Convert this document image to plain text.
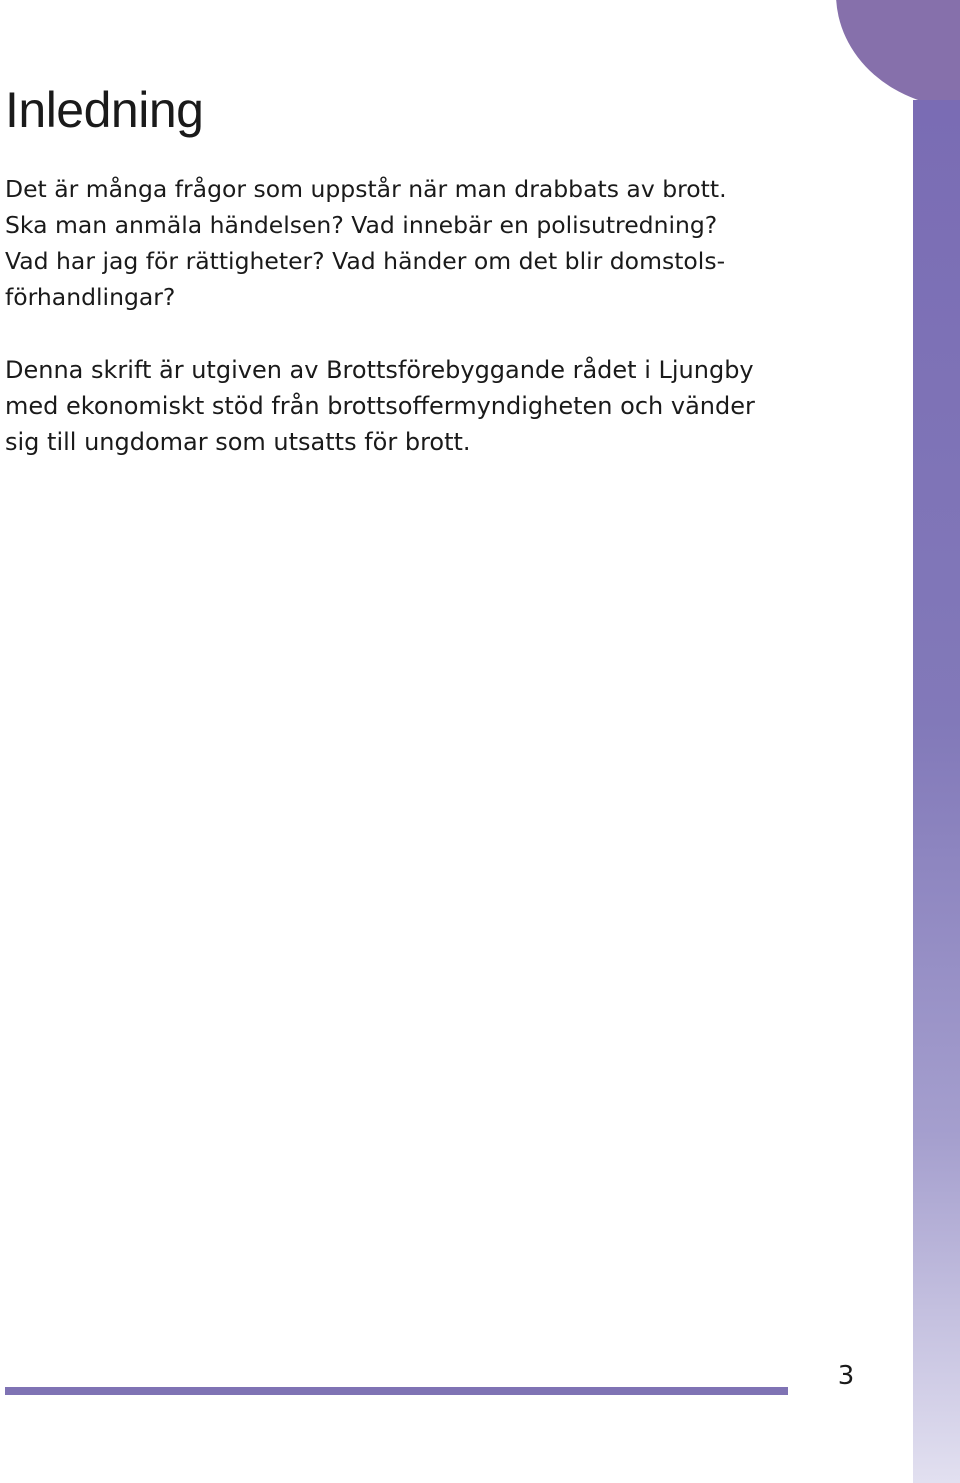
Inledning

Det är många frågor som uppstår när man drabbats av brott.
Ska man anmäla händelsen? Vad innebär en polisutredning?
Vad har jag för rättigheter? Vad händer om det blir domstols-
förhandlingar?

Denna skrift är utgiven av Brottsförebyggande rådet i Ljungby
med ekonomiskt stöd från brottsoffermyndigheten och vänder
sig till ungdomar som utsatts för brott.

3
